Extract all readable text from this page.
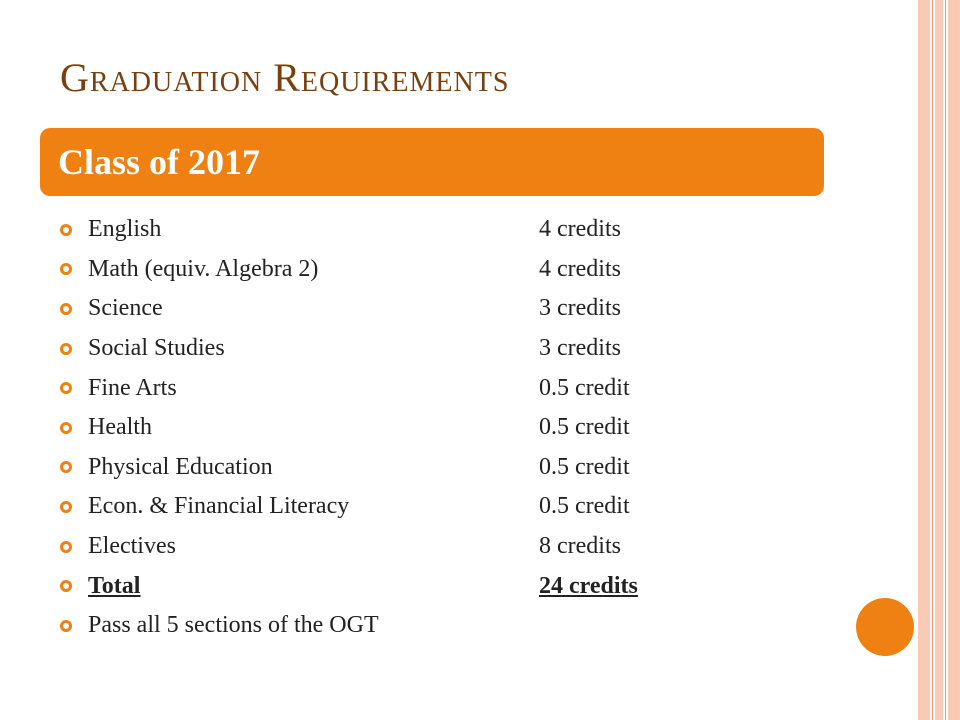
Graduation Requirements
Class of 2017
English	4 credits
Math (equiv. Algebra 2)	4 credits
Science	3 credits
Social Studies	3 credits
Fine Arts	0.5 credit
Health	0.5 credit
Physical Education	0.5 credit
Econ. & Financial Literacy	0.5 credit
Electives	8 credits
Total	24 credits
Pass all 5 sections of the OGT
